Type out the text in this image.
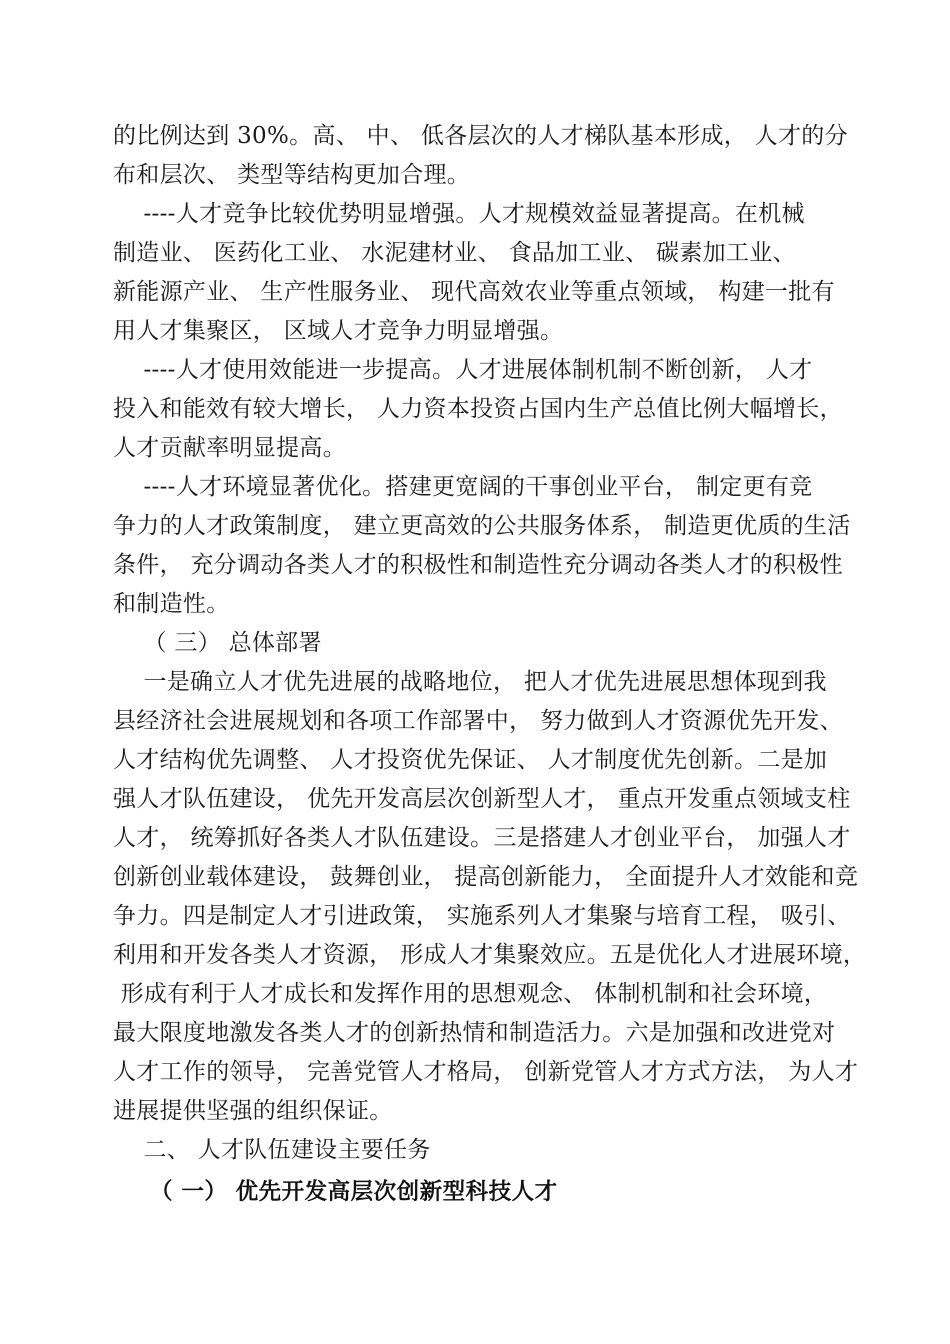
的比例达到 30%。高、 中、 低各层次的人才梯队基本形成， 人才的分
布和层次、 类型等结构更加合理。
----人才竞争比较优势明显增强。人才规模效益显著提高。在机械
制造业、 医药化工业、 水泥建材业、 食品加工业、 碳素加工业、
新能源产业、 生产性服务业、 现代高效农业等重点领域， 构建一批有
用人才集聚区， 区域人才竞争力明显增强。
----人才使用效能进一步提高。人才进展体制机制不断创新， 人才
投入和能效有较大增长， 人力资本投资占国内生产总值比例大幅增长，
人才贡献率明显提高。
----人才环境显著优化。搭建更宽阔的干事创业平台， 制定更有竞
争力的人才政策制度， 建立更高效的公共服务体系， 制造更优质的生活
条件， 充分调动各类人才的积极性和制造性充分调动各类人才的积极性
和制造性。
（ 三） 总体部署
一是确立人才优先进展的战略地位， 把人才优先进展思想体现到我
县经济社会进展规划和各项工作部署中， 努力做到人才资源优先开发、
人才结构优先调整、 人才投资优先保证、 人才制度优先创新。二是加
强人才队伍建设， 优先开发高层次创新型人才， 重点开发重点领域支柱
人才， 统筹抓好各类人才队伍建设。三是搭建人才创业平台， 加强人才
创新创业载体建设， 鼓舞创业， 提高创新能力， 全面提升人才效能和竞
争力。四是制定人才引进政策， 实施系列人才集聚与培育工程， 吸引、
利用和开发各类人才资源， 形成人才集聚效应。五是优化人才进展环境，
形成有利于人才成长和发挥作用的思想观念、 体制机制和社会环境，
最大限度地激发各类人才的创新热情和制造活力。六是加强和改进党对
人才工作的领导， 完善党管人才格局， 创新党管人才方式方法， 为人才
进展提供坚强的组织保证。
二、 人才队伍建设主要任务
（ 一） 优先开发高层次创新型科技人才
